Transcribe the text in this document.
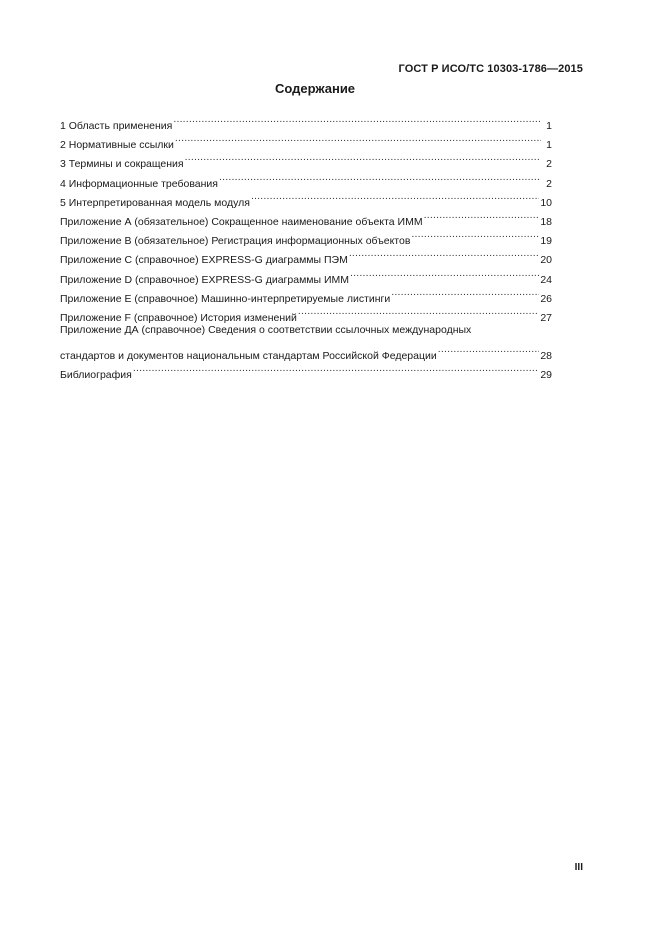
ГОСТ Р ИСО/ТС 10303-1786—2015
Содержание
1 Область применения .....	1
2 Нормативные ссылки .....	1
3 Термины и сокращения .....	2
4 Информационные требования .....	2
5 Интерпретированная модель модуля .....	10
Приложение А (обязательное) Сокращенное наименование объекта ИММ .....	18
Приложение В (обязательное) Регистрация информационных объектов .....	19
Приложение С (справочное) EXPRESS-G диаграммы ПЭМ .....	20
Приложение D (справочное) EXPRESS-G диаграммы ИММ .....	24
Приложение Е (справочное) Машинно-интерпретируемые листинги .....	26
Приложение F (справочное) История изменений .....	27
Приложение ДА (справочное) Сведения о соответствии ссылочных международных
стандартов и документов национальным стандартам Российской Федерации .....	28
Библиография .....	29
III
